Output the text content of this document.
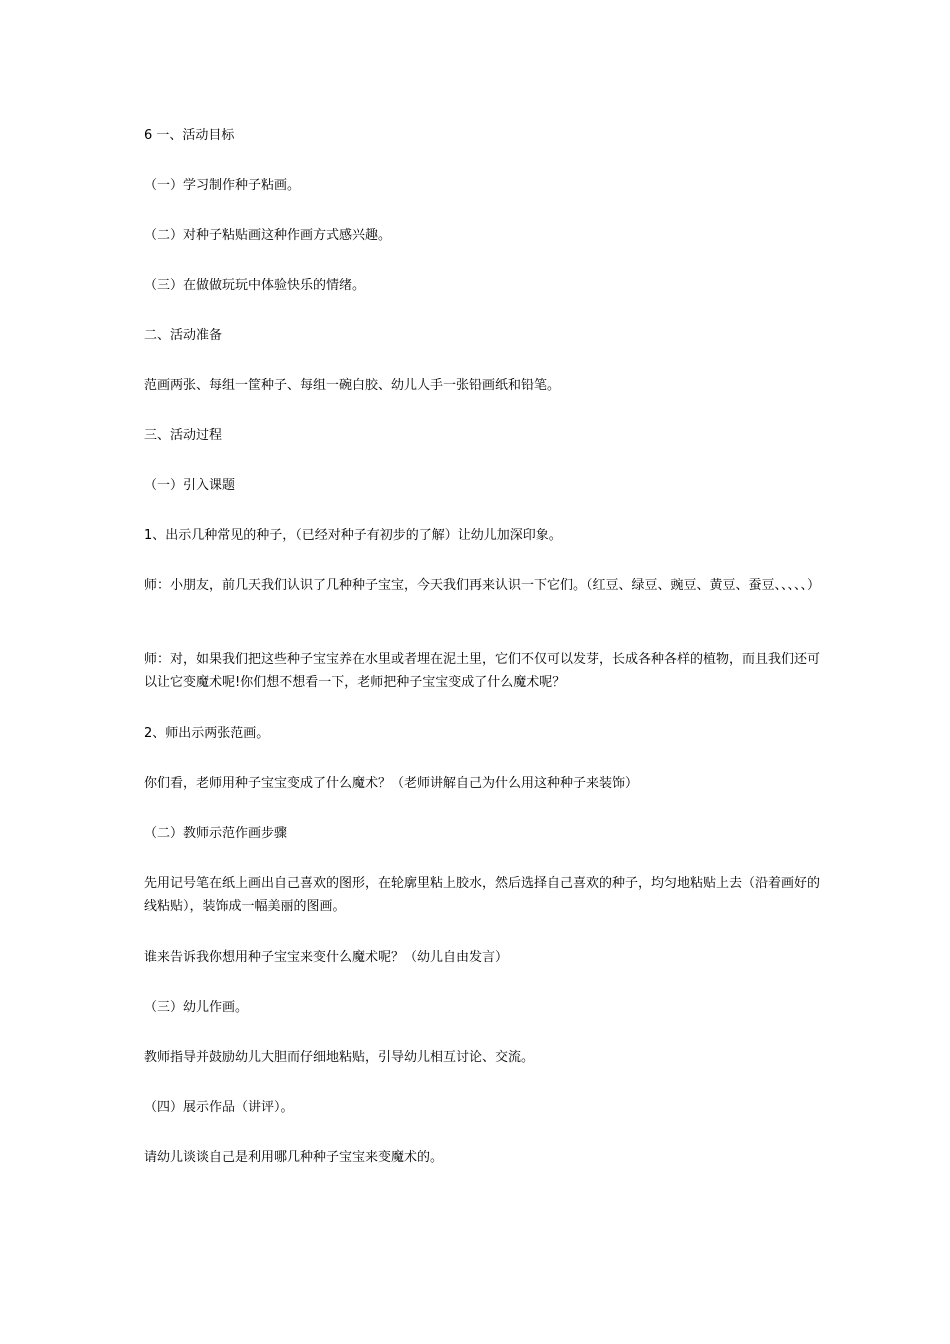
6 一、活动目标

（一）学习制作种子粘画。

（二）对种子粘贴画这种作画方式感兴趣。

（三）在做做玩玩中体验快乐的情绪。

二、活动准备

范画两张、每组一筐种子、每组一碗白胶、幼儿人手一张铅画纸和铅笔。

三、活动过程

（一）引入课题

1、出示几种常见的种子，（已经对种子有初步的了解）让幼儿加深印象。

师：小朋友，前几天我们认识了几种种子宝宝，今天我们再来认识一下它们。（红豆、绿豆、豌豆、黄豆、蚕豆、、、、、）

师：对，如果我们把这些种子宝宝养在水里或者埋在泥土里，它们不仅可以发芽，长成各种各样的植物，而且我们还可以让它变魔术呢!你们想不想看一下，老师把种子宝宝变成了什么魔术呢？

2、师出示两张范画。

你们看，老师用种子宝宝变成了什么魔术？（老师讲解自己为什么用这种种子来装饰）

（二）教师示范作画步骤

先用记号笔在纸上画出自己喜欢的图形，在轮廓里粘上胶水，然后选择自己喜欢的种子，均匀地粘贴上去（沿着画好的线粘贴），装饰成一幅美丽的图画。

谁来告诉我你想用种子宝宝来变什么魔术呢？（幼儿自由发言）

（三）幼儿作画。

教师指导并鼓励幼儿大胆而仔细地粘贴，引导幼儿相互讨论、交流。

（四）展示作品（讲评）。

请幼儿谈谈自己是利用哪几种种子宝宝来变魔术的。
